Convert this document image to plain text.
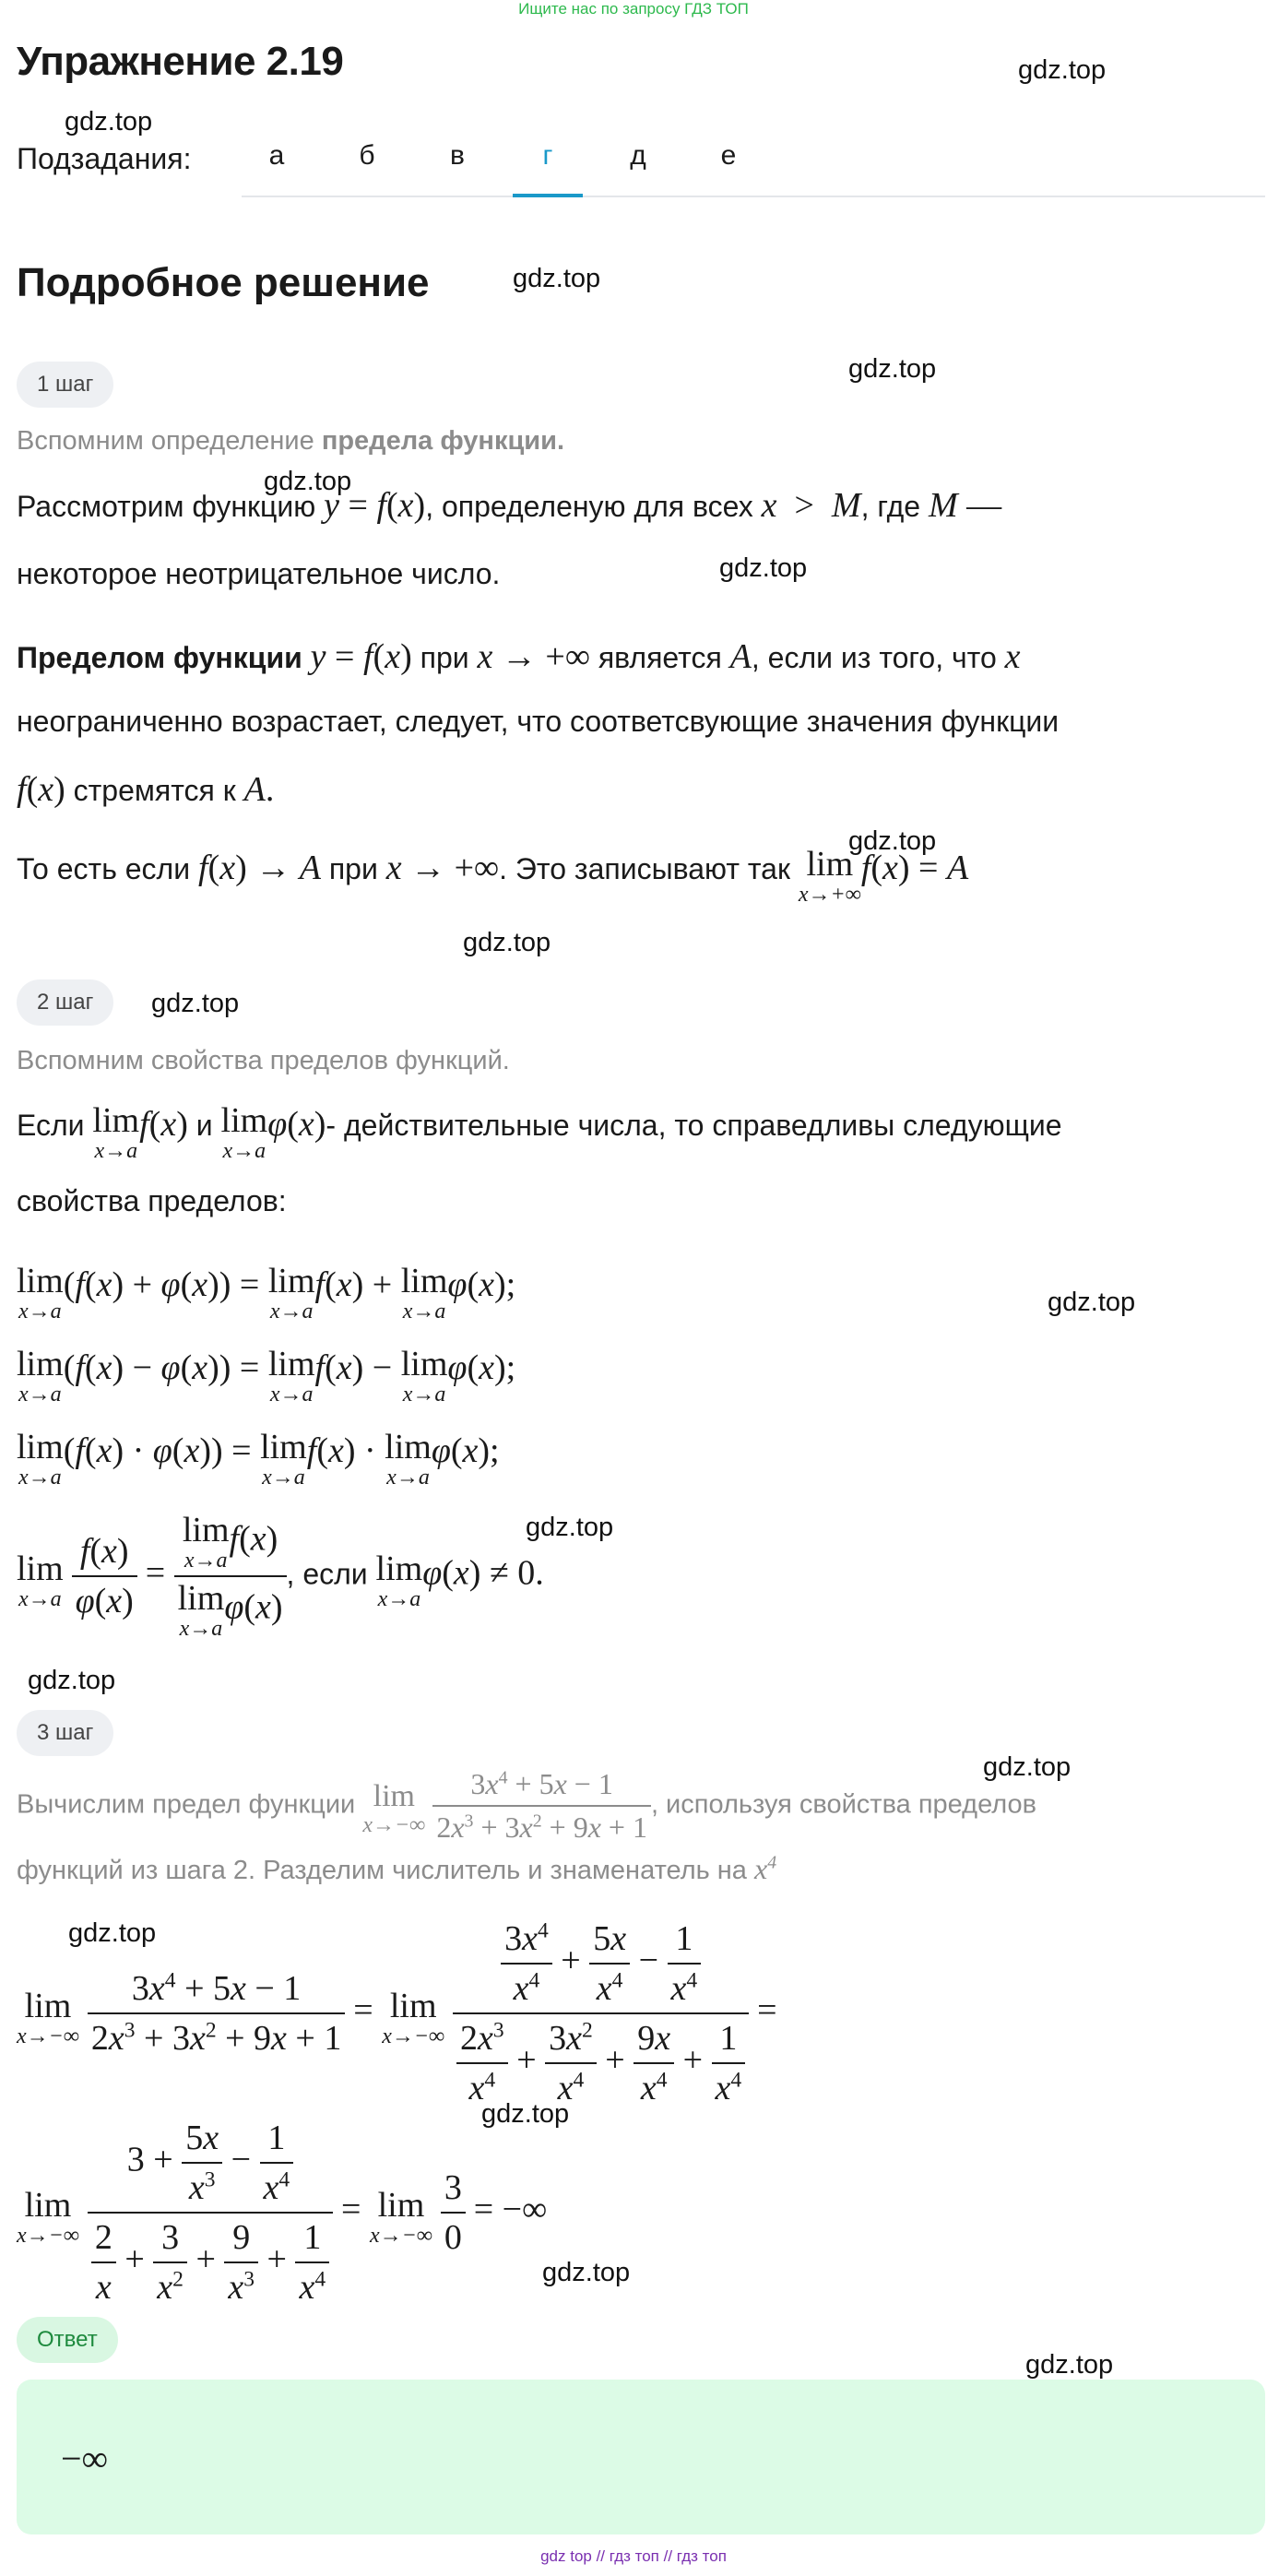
Ищите нас по запросу ГДЗ ТОП
Упражнение 2.19	gdz.top
gdz.top
gdz.top
gdz.top
gdz.top
gdz.top
gdz.top
gdz.top
gdz.top
gdz.top
gdz.top
gdz.top
gdz.top
gdz.top
gdz.top
gdz.top
gdz.top
Подзадания:	а	б	в	г	д	е
Подробное решение
1 шаг
Вспомним определение предела функции.
Рассмотрим функцию y = f(x), определеную для всех x  >  M, где M —
некоторое неотрицательное число.
Пределом функции y = f(x) при x → +∞ является A, если из того, что x
неограниченно возрастает, следует, что соответсвующие значения функции
f(x) стремятся к A.
То есть если f(x) → A при x → +∞. Это записывают так lim
x→+∞
f(x) = A
2 шаг
Вспомним свойства пределов функций.
Если lim
x→a
f(x) и lim
x→a
φ(x)- действительные числа, то справедливы следующие
свойства пределов:
lim
x→a
(f(x) + φ(x)) = lim
x→a
f(x) + lim
x→a
φ(x);
lim
x→a
(f(x) − φ(x)) = lim
x→a
f(x) − lim
x→a
φ(x);
lim
x→a
(f(x) · φ(x)) = lim
x→a
f(x) · lim
x→a
φ(x);
lim
x→a
$\frac{f(x)}{\varphi(x)} = \lim$
x→a
f(x)
lim
x→a
φ(x) , если lim
x→a
φ(x) ≠ 0.
3 шаг
Вычислим предел функции lim
x→−∞
$\frac{3x^4 + 5x - 1}{2x^3 + 3x^2 + 9x + 1}$ , используя свойства пределов
функций из шага 2. Разделим числитель и знаменатель на $x^4$
lim
x→−∞
$\frac{3x^4 + 5x - 1}{2x^3 + 3x^2 + 9x + 1} = \lim$
x→−∞
$\frac{\frac{3x^4}{x^4} + \frac{5x}{x^4} - \frac{1}{x^4}}{\frac{2x^3}{x^4} + \frac{3x^2}{x^4} + \frac{9x}{x^4} + \frac{1}{x^4}}$ =
lim
x→−∞
$\frac{3 + \frac{5x}{x^3} - \frac{1}{x^4}}{\frac{2}{x} + \frac{3}{x^2} + \frac{9}{x^3} + \frac{1}{x^4}} = \lim$
x→−∞
$\frac{3}{0}$ = −∞
Ответ
−∞
gdz top // гдз топ // гдз топ
